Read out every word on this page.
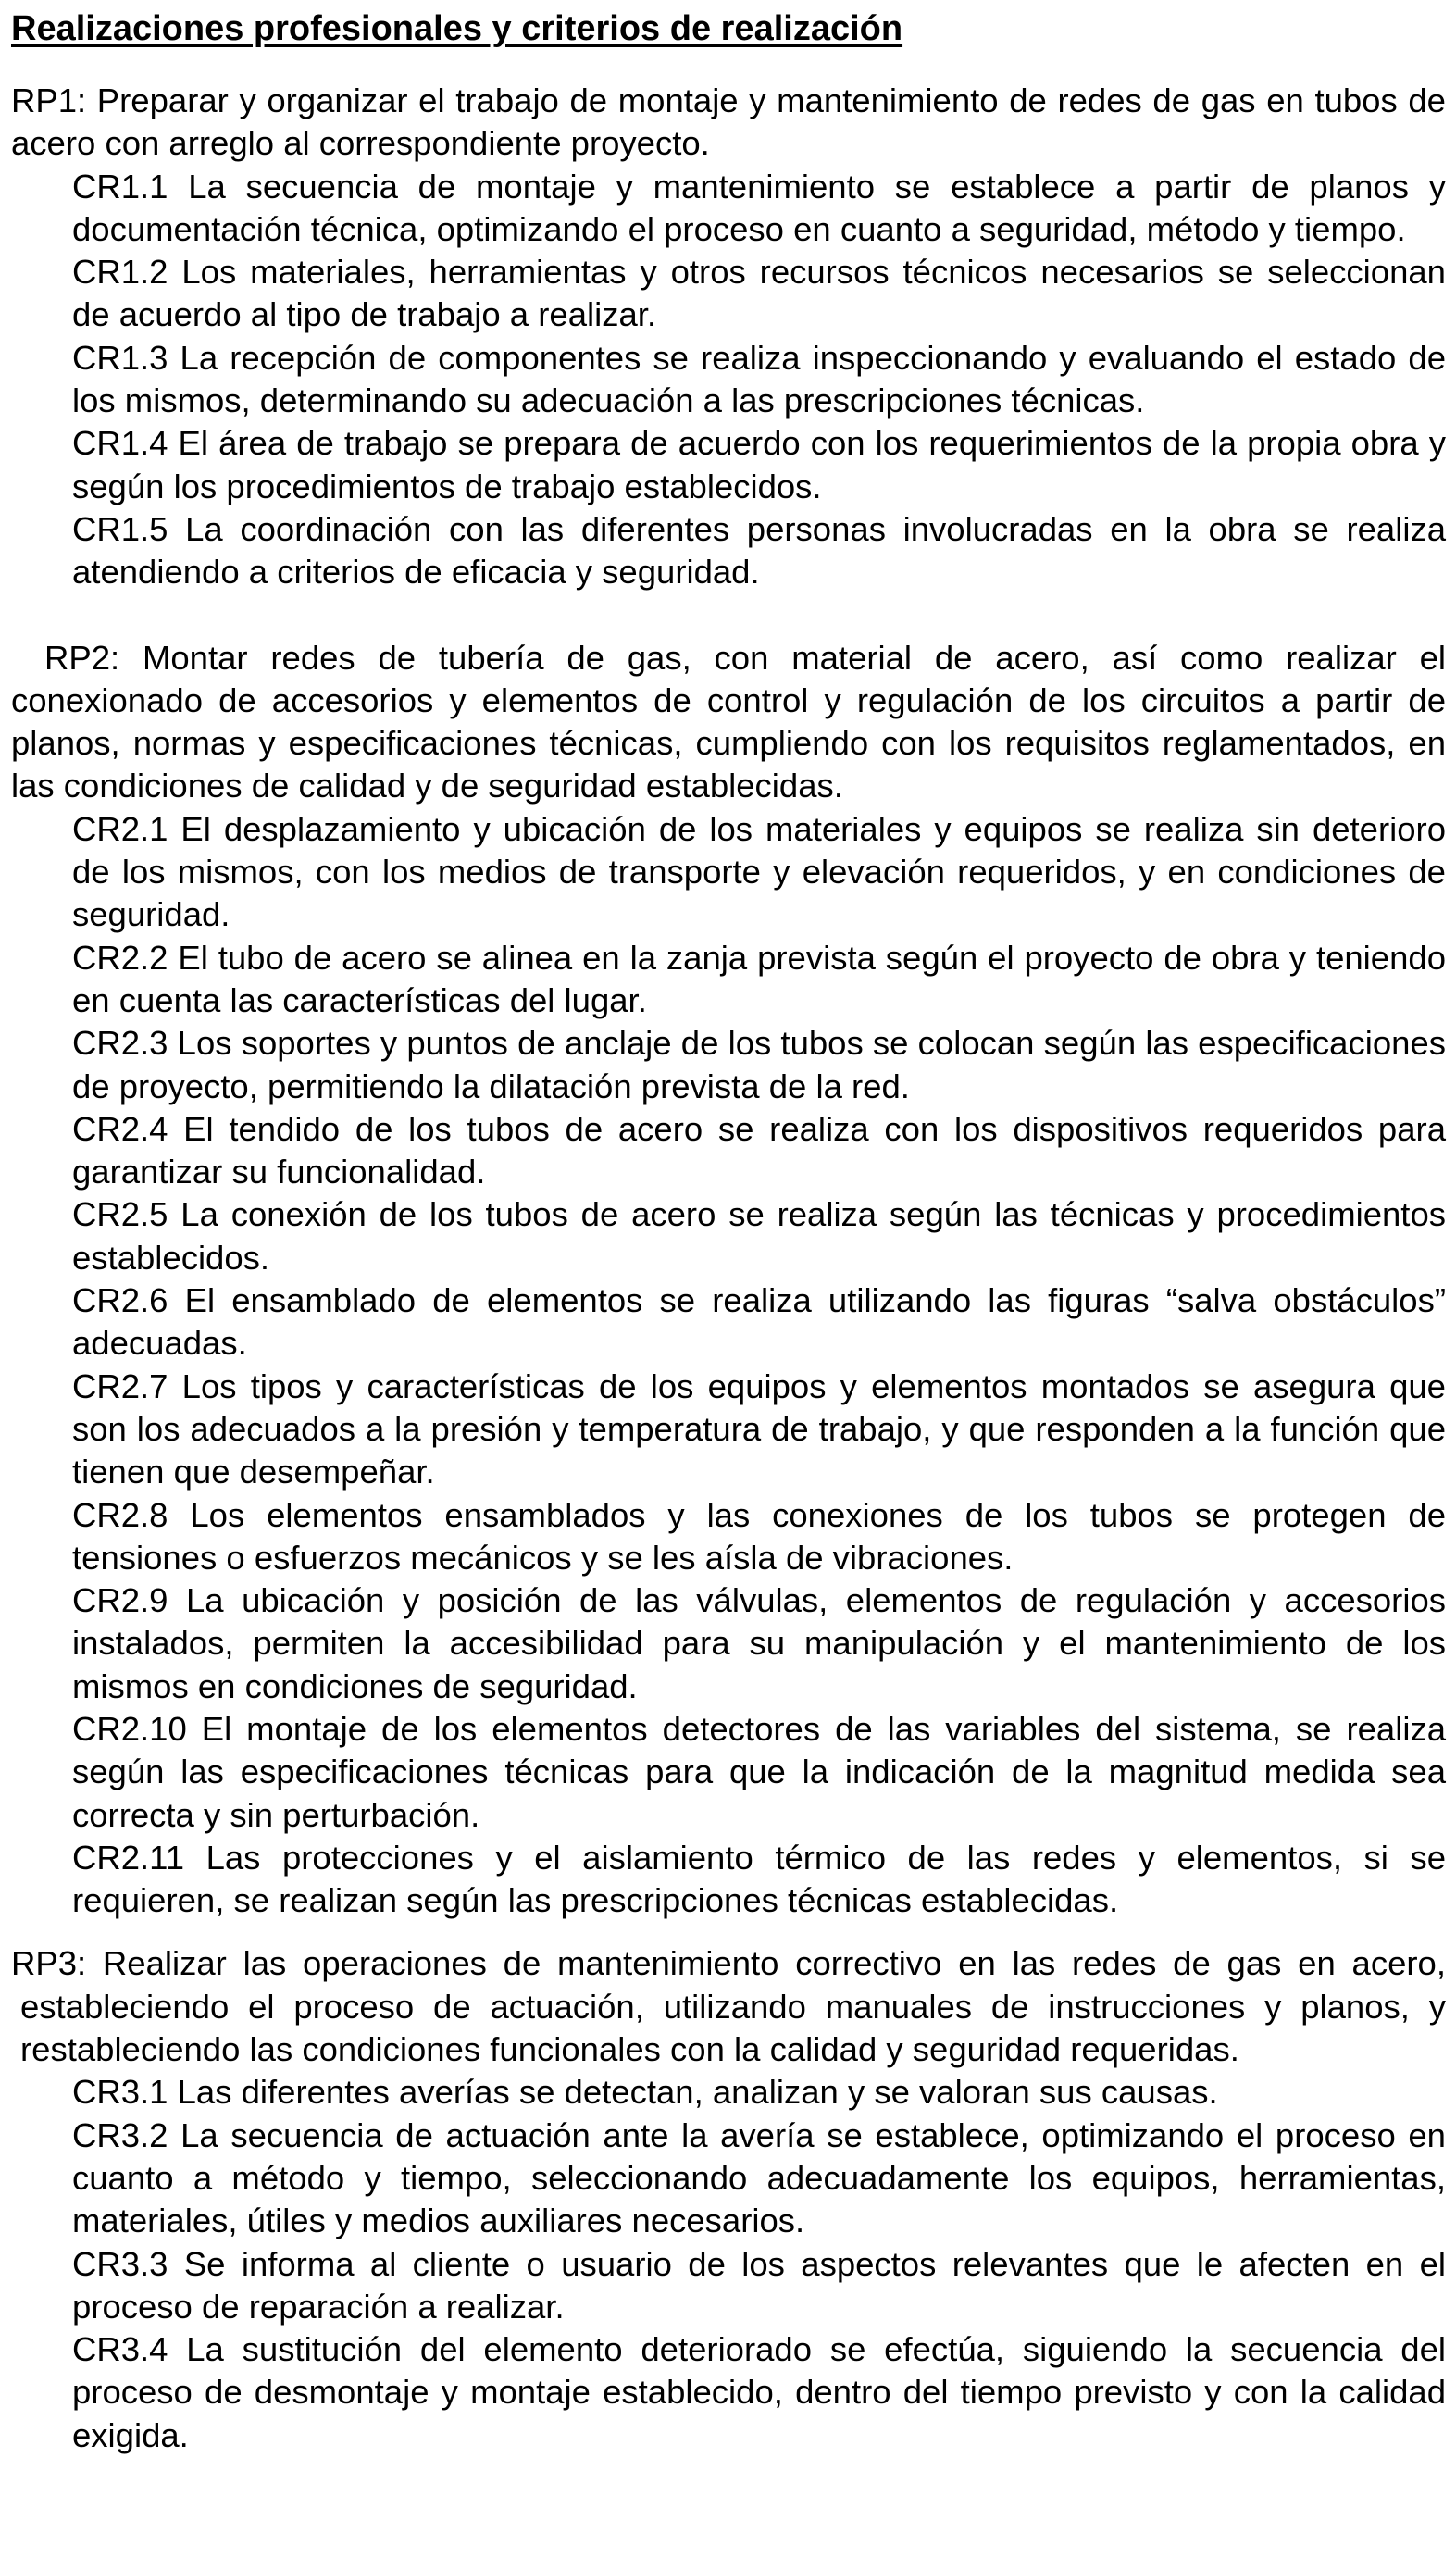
Realizaciones profesionales y criterios de realización

RP1: Preparar y organizar el trabajo de montaje y mantenimiento de redes de gas en tubos de acero con arreglo al correspondiente proyecto.

CR1.1 La secuencia de montaje y mantenimiento se establece a partir de planos y documentación técnica, optimizando el proceso en cuanto a seguridad, método y tiempo.

CR1.2 Los materiales, herramientas y otros recursos técnicos necesarios se seleccionan de acuerdo al tipo de trabajo a realizar.

CR1.3 La recepción de componentes se realiza inspeccionando y evaluando el estado de los mismos, determinando su adecuación a las prescripciones técnicas.

CR1.4 El área de trabajo se prepara de acuerdo con los requerimientos de la propia obra y según los procedimientos de trabajo establecidos.

CR1.5 La coordinación con las diferentes personas involucradas en la obra se realiza atendiendo a criterios de eficacia y seguridad.

RP2: Montar redes de tubería de gas, con material de acero, así como realizar el conexionado de accesorios y elementos de control y regulación de los circuitos a partir de planos, normas y especificaciones técnicas, cumpliendo con los requisitos reglamentados, en las condiciones de calidad y de seguridad establecidas.

CR2.1 El desplazamiento y ubicación de los materiales y equipos se realiza sin deterioro de los mismos, con los medios de transporte y elevación requeridos, y en condiciones de seguridad.

CR2.2 El tubo de acero se alinea en la zanja prevista según el proyecto de obra y teniendo en cuenta las características del lugar.

CR2.3 Los soportes y puntos de anclaje de los tubos se colocan según las especificaciones de proyecto, permitiendo la dilatación prevista de la red.

CR2.4 El tendido de los tubos de acero se realiza con los dispositivos requeridos para garantizar su funcionalidad.

CR2.5 La conexión de los tubos de acero se realiza según las técnicas y procedimientos establecidos.

CR2.6 El ensamblado de elementos se realiza utilizando las figuras “salva obstáculos” adecuadas.

CR2.7 Los tipos y características de los equipos y elementos montados se asegura que son los adecuados a la presión y temperatura de trabajo, y que responden a la función que tienen que desempeñar.

CR2.8 Los elementos ensamblados y las conexiones de los tubos se protegen de tensiones o esfuerzos mecánicos y se les aísla de vibraciones.

CR2.9 La ubicación y posición de las válvulas, elementos de regulación y accesorios instalados, permiten la accesibilidad para su manipulación y el mantenimiento de los mismos en condiciones de seguridad.

CR2.10 El montaje de los elementos detectores de las variables del sistema, se realiza según las especificaciones técnicas para que la indicación de la magnitud medida sea correcta y sin perturbación.

CR2.11 Las protecciones y el aislamiento térmico de las redes y elementos, si se requieren, se realizan según las prescripciones técnicas establecidas.

RP3: Realizar las operaciones de mantenimiento correctivo en las redes de gas en acero, estableciendo el proceso de actuación, utilizando manuales de instrucciones y planos, y restableciendo las condiciones funcionales con la calidad y seguridad requeridas.

CR3.1 Las diferentes averías se detectan, analizan y se valoran sus causas.

CR3.2 La secuencia de actuación ante la avería se establece, optimizando el proceso en cuanto a método y tiempo, seleccionando adecuadamente los equipos, herramientas, materiales, útiles y medios auxiliares necesarios.

CR3.3 Se informa al cliente o usuario de los aspectos relevantes que le afecten en el proceso de reparación a realizar.

CR3.4 La sustitución del elemento deteriorado se efectúa, siguiendo la secuencia del proceso de desmontaje y montaje establecido, dentro del tiempo previsto y con la calidad exigida.
